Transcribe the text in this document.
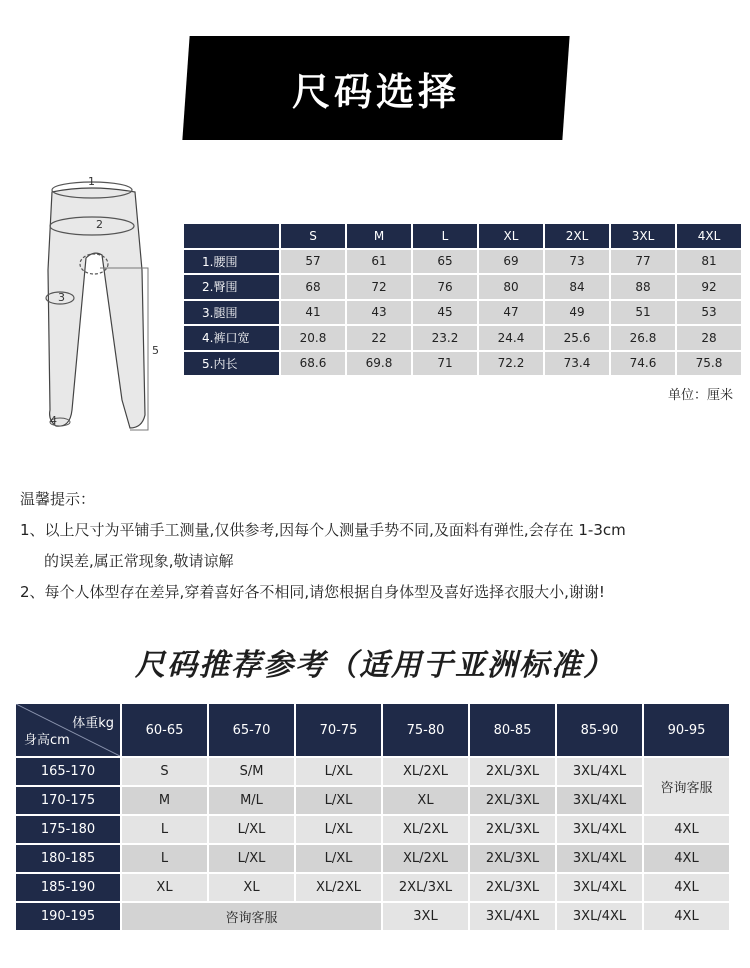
尺码选择
1
2
3
4
5
	S	M	L	XL	2XL	3XL	4XL
1.腰围	57	61	65	69	73	77	81
2.臀围	68	72	76	80	84	88	92
3.腿围	41	43	45	47	49	51	53
4.裤口宽	20.8	22	23.2	24.4	25.6	26.8	28
5.内长	68.6	69.8	71	72.2	73.4	74.6	75.8
单位：厘米

温馨提示：

1、以上尺寸为平铺手工测量,仅供参考,因每个人测量手势不同,及面料有弹性,会存在 1-3cm

的误差,属正常现象,敬请谅解

2、每个人体型存在差异,穿着喜好各不相同,请您根据自身体型及喜好选择衣服大小,谢谢!

尺码推荐参考（适用于亚洲标准）
体重kg
身高cm	60-65	65-70	70-75	75-80	80-85	85-90	90-95
165-170	S	S/M	L/XL	XL/2XL	2XL/3XL	3XL/4XL	咨询客服
170-175	M	M/L	L/XL	XL	2XL/3XL	3XL/4XL	
175-180	L	L/XL	L/XL	XL/2XL	2XL/3XL	3XL/4XL	4XL
180-185	L	L/XL	L/XL	XL/2XL	2XL/3XL	3XL/4XL	4XL
185-190	XL	XL	XL/2XL	2XL/3XL	2XL/3XL	3XL/4XL	4XL
190-195	咨询客服			3XL	3XL/4XL	3XL/4XL	4XL
